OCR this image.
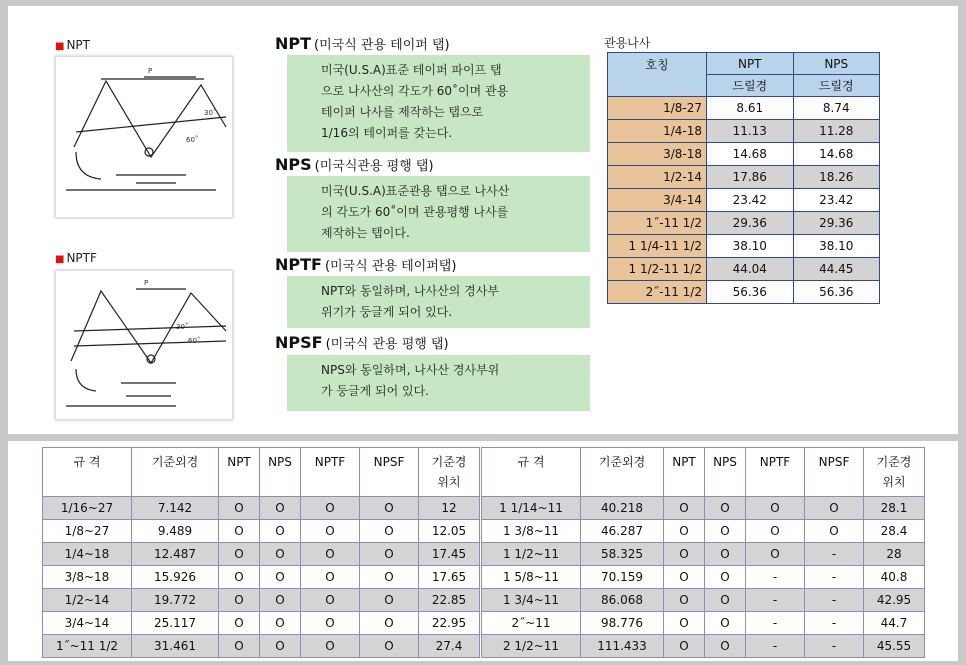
■ NPT
■ NPTF
P
30˚
60˚
P
30˚
60˚
NPT (미국식 관용 테이퍼 탭)
미국(U.S.A)표준 테이퍼 파이프 탭
으로 나사산의 각도가 60˚이며 관용
테이퍼 나사를 제작하는 탭으로
1/16의 테이퍼를 갖는다.
NPS (미국식관용 평행 탭)
미국(U.S.A)표준관용 탭으로 나사산
의 각도가 60˚이며 관용평행 나사를
제작하는 탭이다.
NPTF (미국식 관용 테이퍼탭)
NPT와 동일하며, 나사산의 경사부
위기가 둥글게 되어 있다.
NPSF (미국식 관용 평행 탭)
NPS와 동일하며, 나사산 경사부위
가 둥글게 되어 있다.
관용나사
호칭	NPT	NPS
	드릴경	드릴경
1/8-27	8.61	8.74
1/4-18	11.13	11.28
3/8-18	14.68	14.68
1/2-14	17.86	18.26
3/4-14	23.42	23.42
1˝-11 1/2	29.36	29.36
1 1/4-11 1/2	38.10	38.10
1 1/2-11 1/2	44.04	44.45
2˝-11 1/2	56.36	56.36
규 격	기준외경	NPT	NPS	NPTF	NPSF	기준경
위치
1/16~27	7.142	O	O	O	O	12
1/8~27	9.489	O	O	O	O	12.05
1/4~18	12.487	O	O	O	O	17.45
3/8~18	15.926	O	O	O	O	17.65
1/2~14	19.772	O	O	O	O	22.85
3/4~14	25.117	O	O	O	O	22.95
1˝~11 1/2	31.461	O	O	O	O	27.4
규 격	기준외경	NPT	NPS	NPTF	NPSF	기준경
위치
1 1/14~11	40.218	O	O	O	O	28.1
1 3/8~11	46.287	O	O	O	O	28.4
1 1/2~11	58.325	O	O	O	-	28
1 5/8~11	70.159	O	O	-	-	40.8
1 3/4~11	86.068	O	O	-	-	42.95
2˝~11	98.776	O	O	-	-	44.7
2 1/2~11	111.433	O	O	-	-	45.55
